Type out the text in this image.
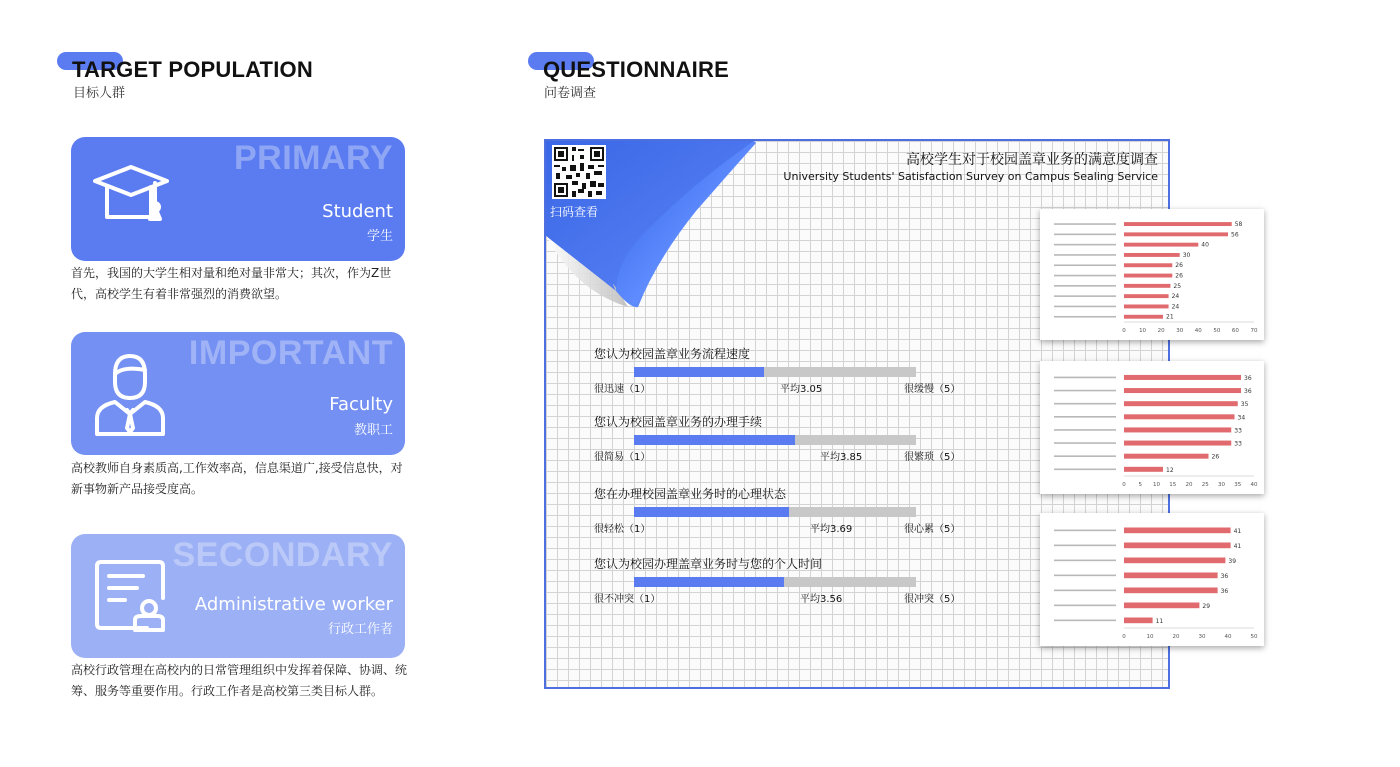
TARGET POPULATION
目标人群
QUESTIONNAIRE
问卷调查
PRIMARY
Student
学生
首先，我国的大学生相对量和绝对量非常大；其次，作为Z世代，高校学生有着非常强烈的消费欲望。
IMPORTANT
Faculty
教职工
高校教师自身素质高,工作效率高，信息渠道广,接受信息快，对新事物新产品接受度高。
SECONDARY
Administrative worker
行政工作者
高校行政管理在高校内的日常管理组织中发挥着保障、协调、统筹、服务等重要作用。行政工作者是高校第三类目标人群。
扫码查看
高校学生对于校园盖章业务的满意度调查
University Students' Satisfaction Survey on Campus Sealing Service
您认为校园盖章业务流程速度
很迅速（1）	平均3.05	很缓慢（5）
您认为校园盖章业务的办理手续
很简易（1）	平均3.85	很繁琐（5）
您在办理校园盖章业务时的心理状态
很轻松（1）	平均3.69	很心累（5）
您认为校园办理盖章业务时与您的个人时间
很不冲突（1）	平均3.56	很冲突（5）
58
56
40
30
26
26
25
24
24
21
0 10 20 30 40 50 60 70
36
36
35
34
33
33
26
12
0 5 10 15 20 25 30 35 40
41
41
39
36
36
29
11
0	10	20	30	40	50
